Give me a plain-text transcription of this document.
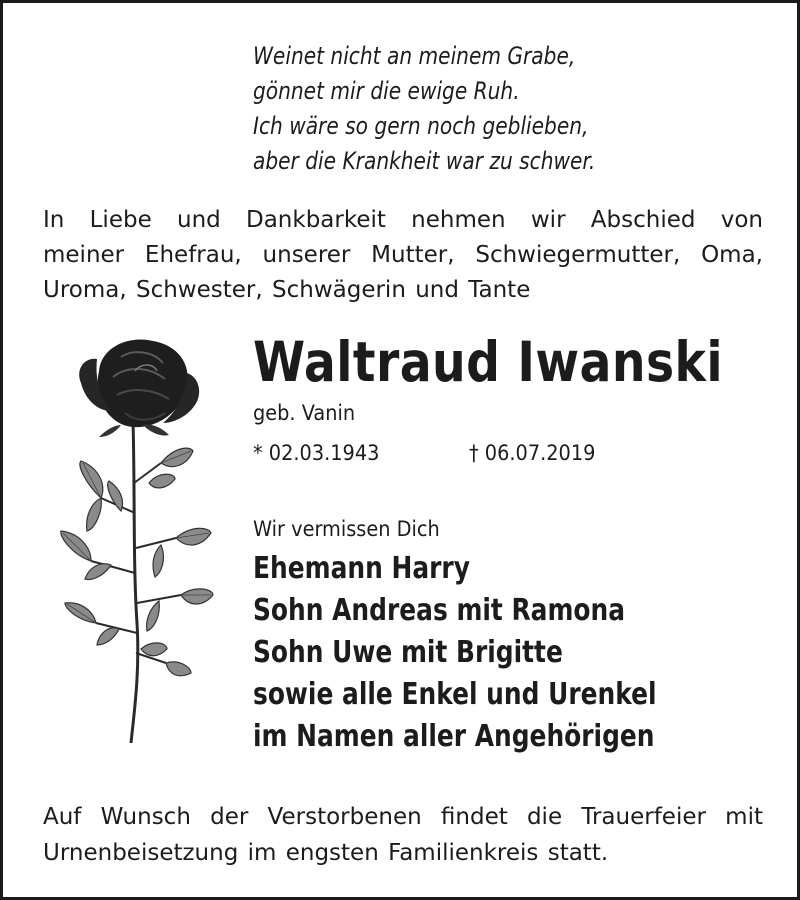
Weinet nicht an meinem Grabe,
gönnet mir die ewige Ruh.
Ich wäre so gern noch geblieben,
aber die Krankheit war zu schwer.
In Liebe und Dankbarkeit nehmen wir Abschied von
meiner Ehefrau, unserer Mutter, Schwiegermutter, Oma,
Uroma, Schwester, Schwägerin und Tante
Waltraud Iwanski
geb. Vanin
* 02.03.1943	† 06.07.2019
Wir vermissen Dich
Ehemann Harry
Sohn Andreas mit Ramona
Sohn Uwe mit Brigitte
sowie alle Enkel und Urenkel
im Namen aller Angehörigen
Auf Wunsch der Verstorbenen findet die Trauerfeier mit
Urnenbeisetzung im engsten Familienkreis statt.
